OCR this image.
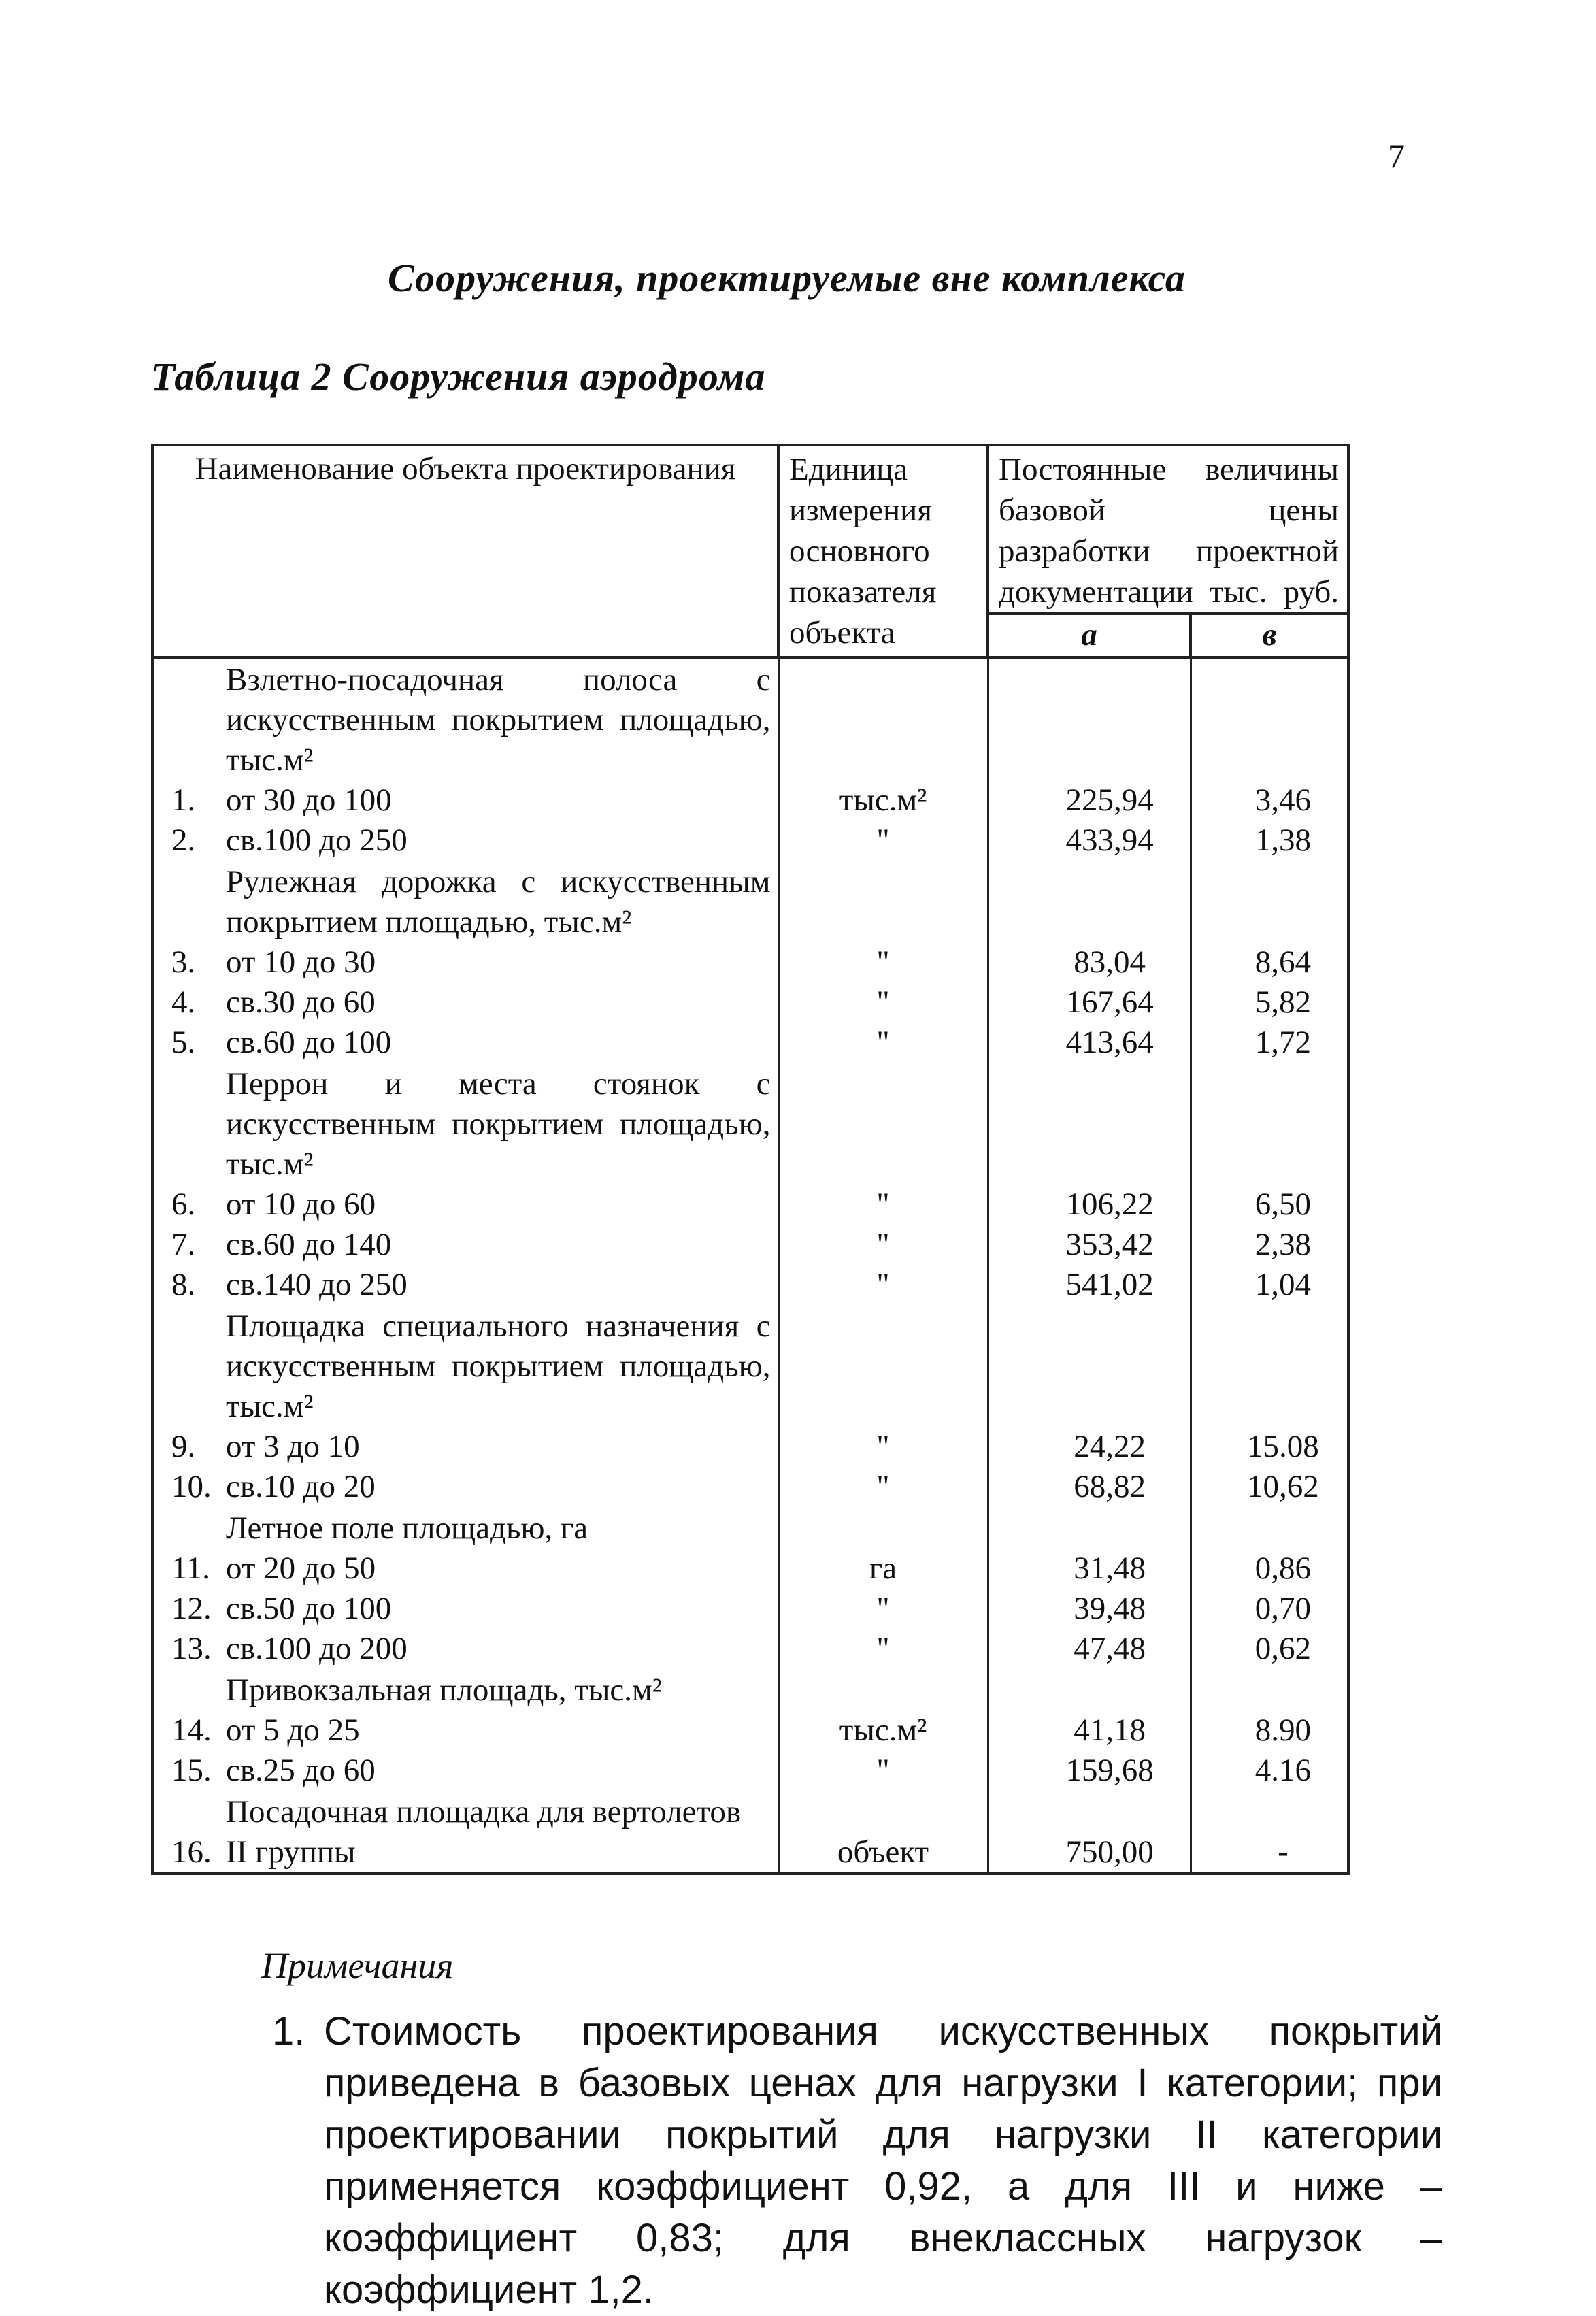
7
Сооружения, проектируемые вне комплекса
Таблица 2 Сооружения аэродрома
Наименование объекта проектирования	Единица измерения основного показателя объекта	Постоянные величины базовой цены разработки проектной документации тыс. руб.	
		а	в

Взлетно-посадочная полоса с искусственным покрытием площадью, тыс.м²			

1. от 30 до 100	тыс.м²	225,94	3,46

2. св.100 до 250	"	433,94	1,38

Рулежная дорожка с искусственным покрытием площадью, тыс.м²			

3. от 10 до 30	"	83,04	8,64

4. св.30 до 60	"	167,64	5,82

5. св.60 до 100	"	413,64	1,72

Перрон и места стоянок с искусственным покрытием площадью, тыс.м²			

6. от 10 до 60	"	106,22	6,50

7. св.60 до 140	"	353,42	2,38

8. св.140 до 250	"	541,02	1,04

Площадка специального назначения с искусственным покрытием площадью, тыс.м²			

9. от 3 до 10	"	24,22	15.08

10. св.10 до 20	"	68,82	10,62

Летное поле площадью, га			

11. от 20 до 50	га	31,48	0,86

12. св.50 до 100	"	39,48	0,70

13. св.100 до 200	"	47,48	0,62

Привокзальная площадь, тыс.м²			

14. от 5 до 25	тыс.м²	41,18	8.90

15. св.25 до 60	"	159,68	4.16

Посадочная площадка для вертолетов			

16. II группы	объект	750,00	-
Примечания
1. Стоимость проектирования искусственных покрытий приведена в базовых ценах для нагрузки I категории; при проектировании покрытий для нагрузки II категории применяется коэффициент 0,92, а для III и ниже – коэффициент 0,83; для внеклассных нагрузок – коэффициент 1,2.
